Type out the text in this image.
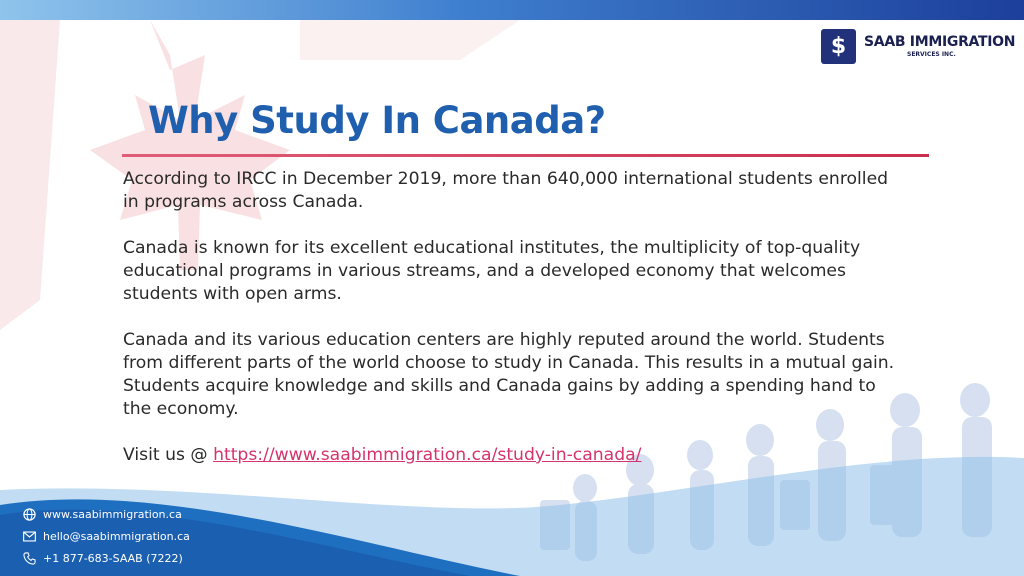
$	SAAB IMMIGRATION
SERVICES INC.
Why Study In Canada?

According to IRCC in December 2019, more than 640,000 international students enrolled in programs across Canada.

Canada is known for its excellent educational institutes, the multiplicity of top-quality educational programs in various streams, and a developed economy that welcomes students with open arms.

Canada and its various education centers are highly reputed around the world. Students from different parts of the world choose to study in Canada. This results in a mutual gain. Students acquire knowledge and skills and Canada gains by adding a spending hand to the economy.

Visit us @ https://www.saabimmigration.ca/study-in-canada/

www.saabimmigration.ca
hello@saabimmigration.ca
+1 877-683-SAAB (7222)
